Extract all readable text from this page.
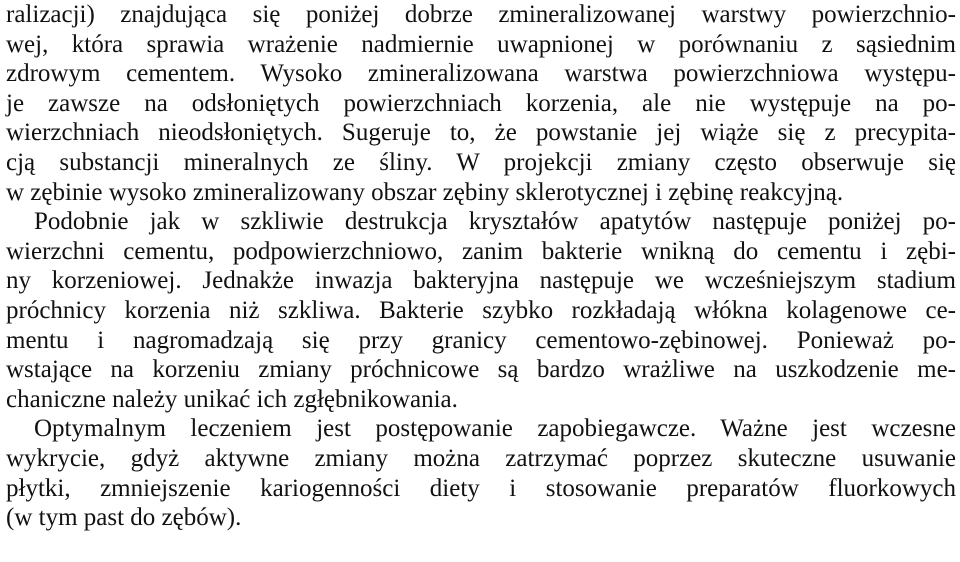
ralizacji) znajdująca się poniżej dobrze zmineralizowanej warstwy powierzchnio-
wej, która sprawia wrażenie nadmiernie uwapnionej w porównaniu z sąsiednim
zdrowym cementem. Wysoko zmineralizowana warstwa powierzchniowa występu-
je zawsze na odsłoniętych powierzchniach korzenia, ale nie występuje na po-
wierzchniach nieodsłoniętych. Sugeruje to, że powstanie jej wiąże się z precypita-
cją substancji mineralnych ze śliny. W projekcji zmiany często obserwuje się
w zębinie wysoko zmineralizowany obszar zębiny sklerotycznej i zębinę reakcyjną.
Podobnie jak w szkliwie destrukcja kryształów apatytów następuje poniżej po-
wierzchni cementu, podpowierzchniowo, zanim bakterie wnikną do cementu i zębi-
ny korzeniowej. Jednakże inwazja bakteryjna następuje we wcześniejszym stadium
próchnicy korzenia niż szkliwa. Bakterie szybko rozkładają włókna kolagenowe ce-
mentu i nagromadzają się przy granicy cementowo-zębinowej. Ponieważ po-
wstające na korzeniu zmiany próchnicowe są bardzo wrażliwe na uszkodzenie me-
chaniczne należy unikać ich zgłębnikowania.
Optymalnym leczeniem jest postępowanie zapobiegawcze. Ważne jest wczesne
wykrycie, gdyż aktywne zmiany można zatrzymać poprzez skuteczne usuwanie
płytki, zmniejszenie kariogenności diety i stosowanie preparatów fluorkowych
(w tym past do zębów).
